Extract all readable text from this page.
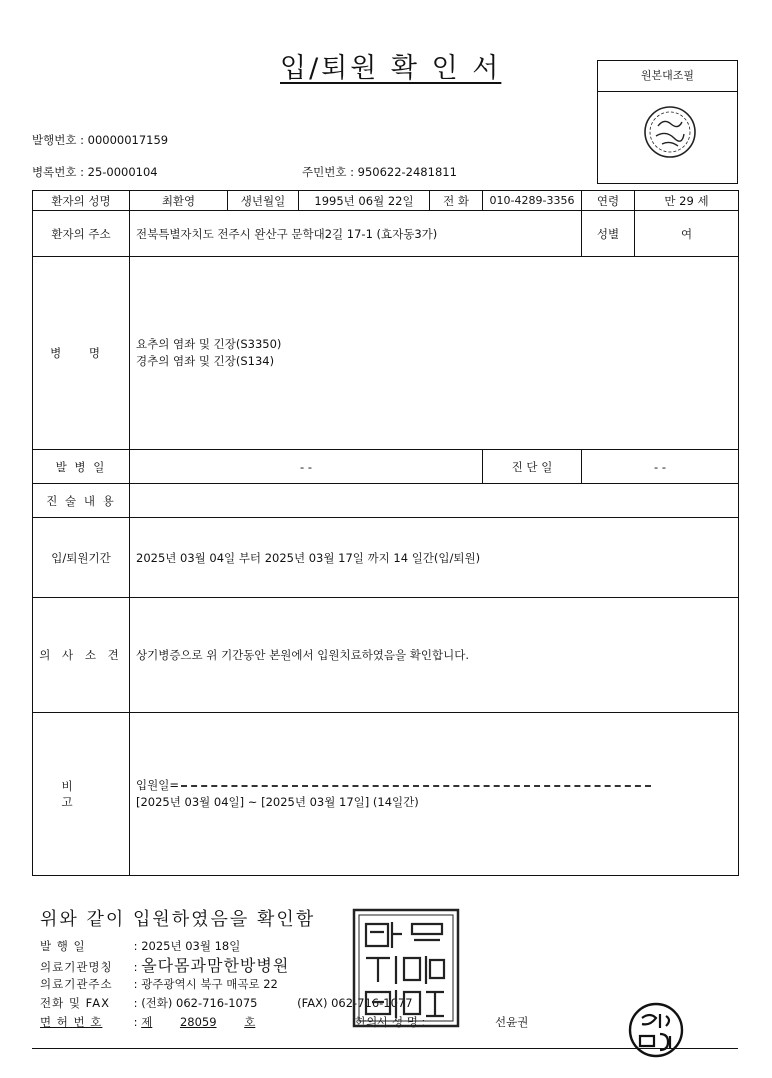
입/퇴원 확 인 서	원본대조필
발행번호 : 00000017159
병록번호 : 25-0000104	주민번호 : 950622-2481811
환자의 성명	최환영	생년월일	1995년 06월 22일	전 화	010-4289-3356	연령	만 29 세
환자의 주소	전북특별자치도 전주시 완산구 문학대2길 17-1 (효자동3가)					성별	여
병 명	요추의 염좌 및 긴장(S3350)
경추의 염좌 및 긴장(S134)						

발 병 일	- -				진 단 일	- -	
진 술 내 용							
입/퇴원기간	2025년 03월 04일 부터 2025년 03월 17일 까지 14 일간(입/퇴원)						
의 사 소 견	상기병증으로 위 기간동안 본원에서 입원치료하였음을 확인합니다.						
비 고	입원일=
[2025년 03월 04일] ~ [2025년 03월 17일] (14일간)						
위와 같이 입원하였음을 확인함
발 행 일	: 2025년 03월 18일
의료기관명칭 : 올다몸과맘한방병원
의료기관주소 : 광주광역시 북구 매곡로 22
전화 및 FAX : (전화) 062-716-1075	(FAX) 062-716-1077
면 허 번 호 : 제 28059 호	한의사 성 명 :	선윤권
